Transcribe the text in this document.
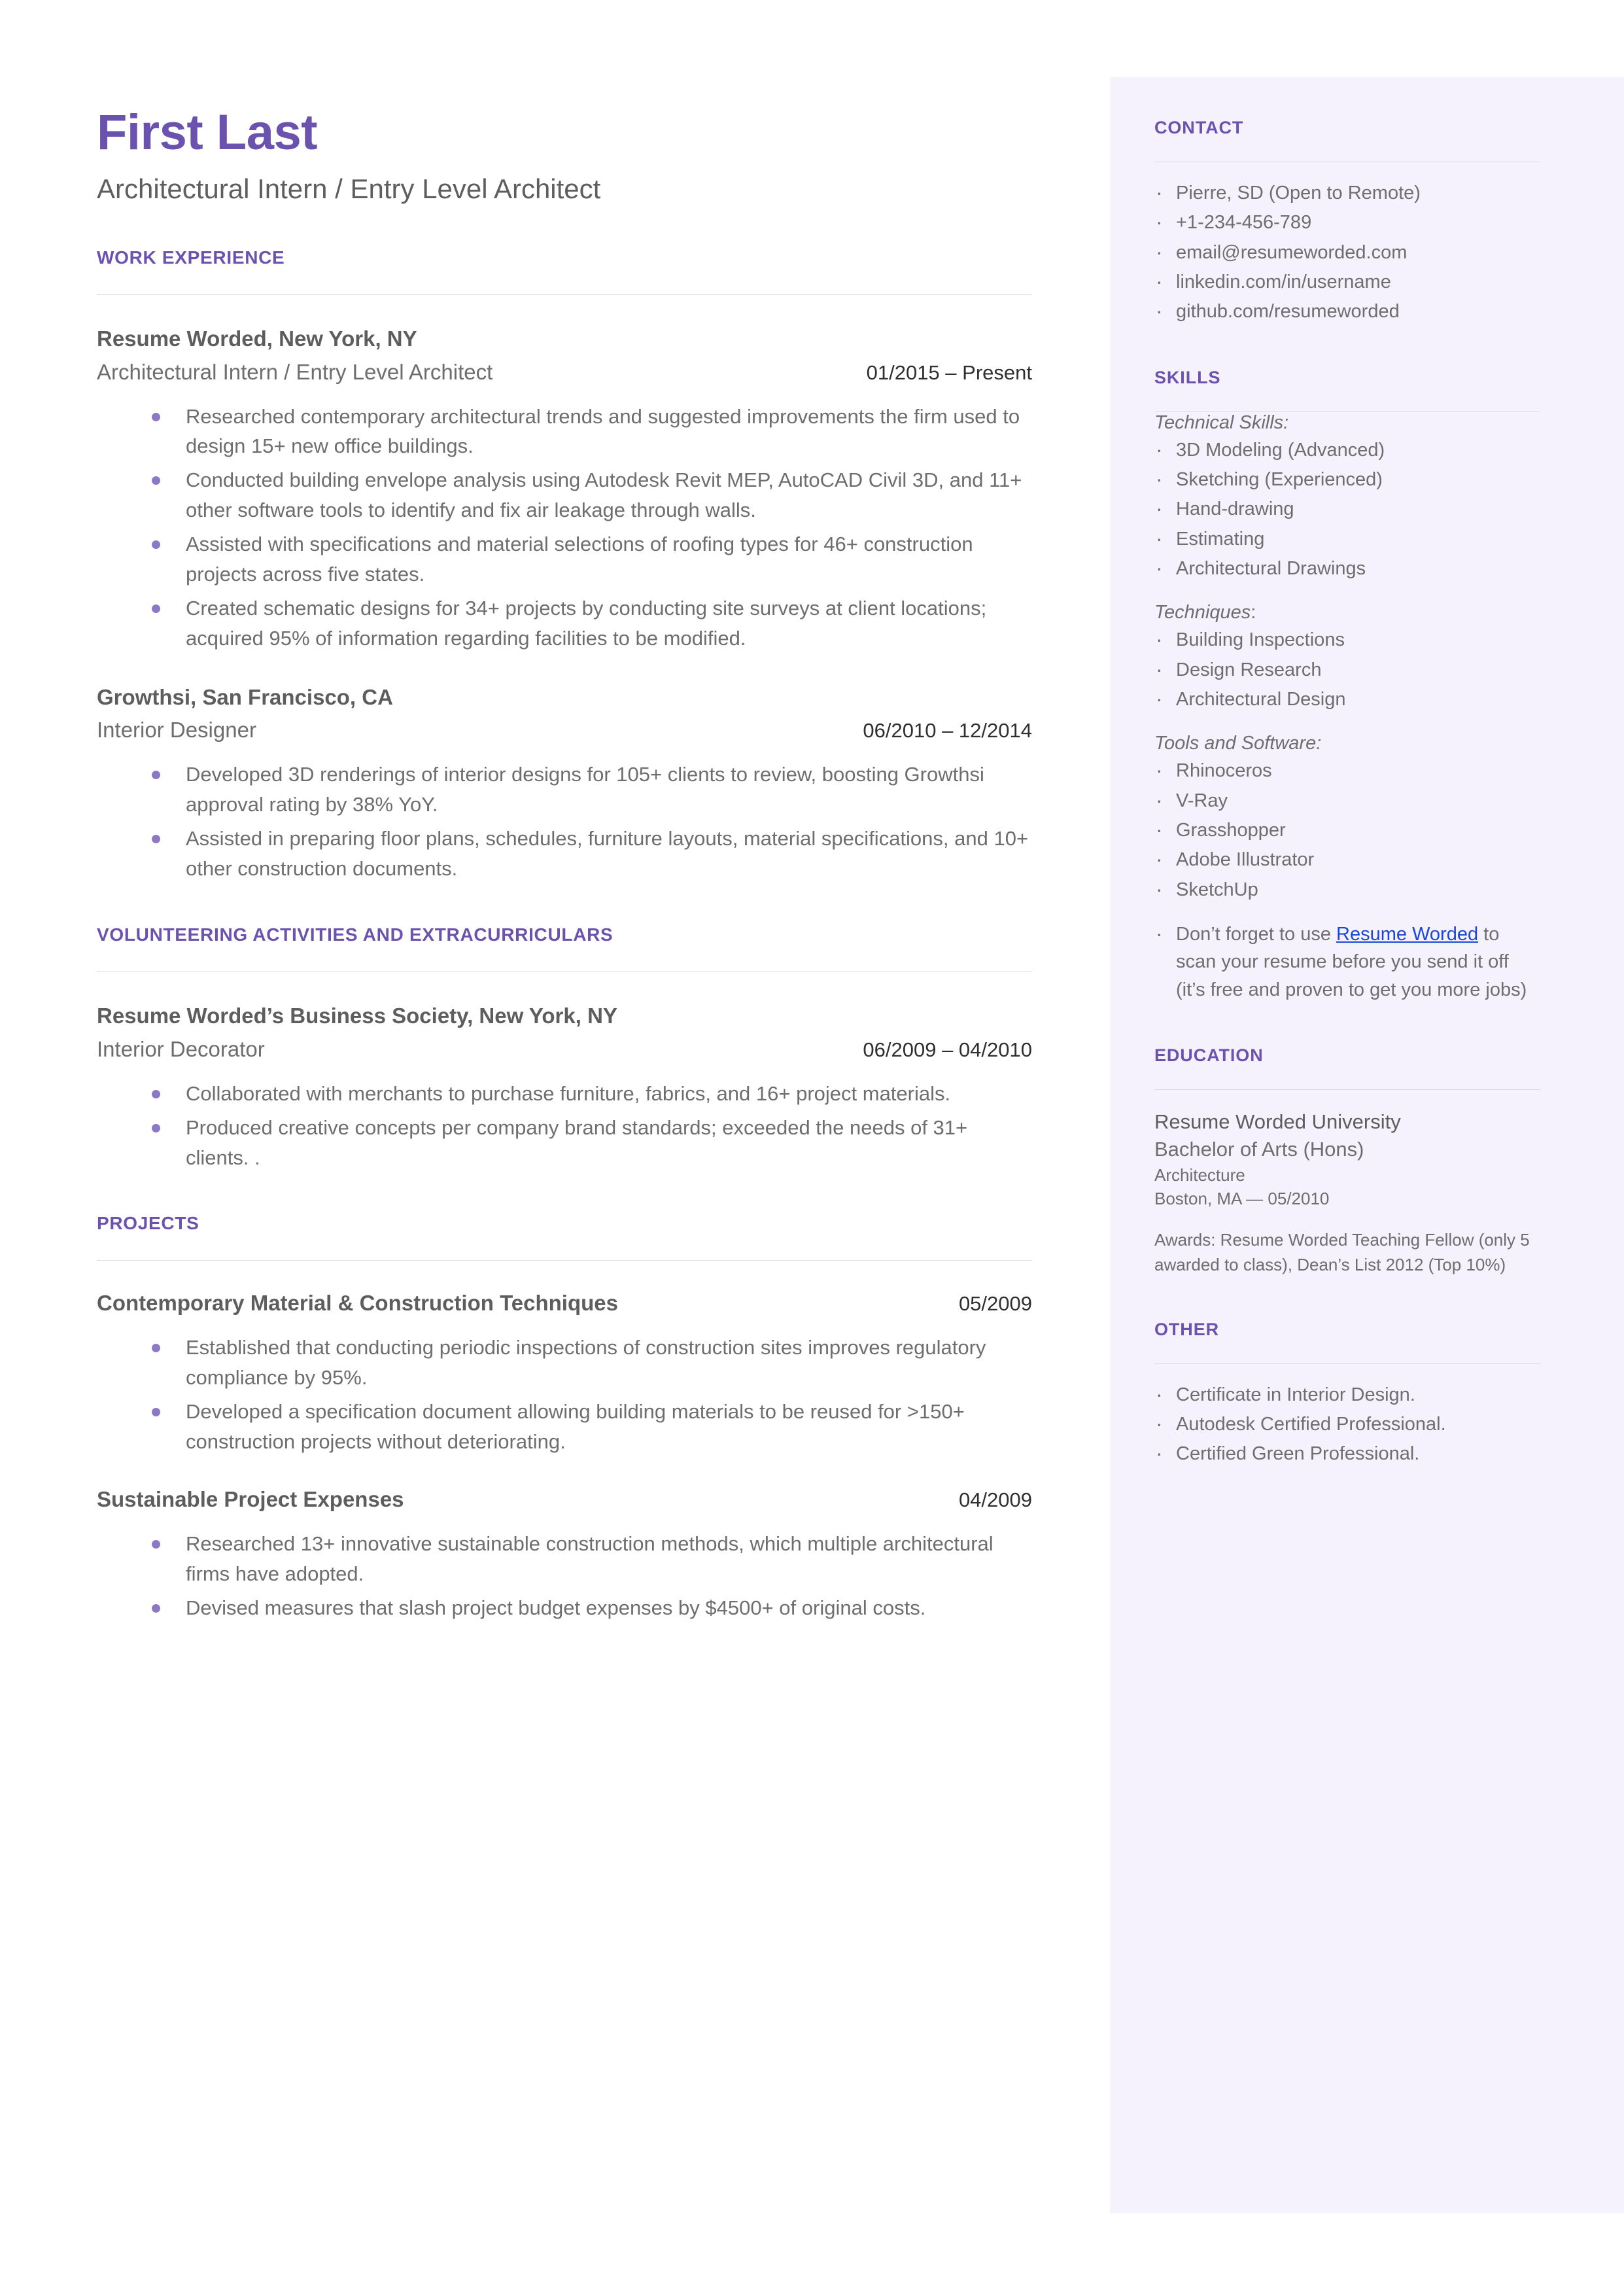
First Last
Architectural Intern / Entry Level Architect
WORK EXPERIENCE
Resume Worded, New York, NY
Architectural Intern / Entry Level Architect	01/2015 – Present
Researched contemporary architectural trends and suggested improvements the firm used to design 15+ new office buildings.
Conducted building envelope analysis using Autodesk Revit MEP, AutoCAD Civil 3D, and 11+ other software tools to identify and fix air leakage through walls.
Assisted with specifications and material selections of roofing types for 46+ construction projects across five states.
Created schematic designs for 34+ projects by conducting site surveys at client locations; acquired 95% of information regarding facilities to be modified.
Growthsi, San Francisco, CA
Interior Designer	06/2010 – 12/2014
Developed 3D renderings of interior designs for 105+ clients to review, boosting Growthsi approval rating by 38% YoY.
Assisted in preparing floor plans, schedules, furniture layouts, material specifications, and 10+ other construction documents.
VOLUNTEERING ACTIVITIES AND EXTRACURRICULARS
Resume Worded’s Business Society, New York, NY
Interior Decorator	06/2009 – 04/2010
Collaborated with merchants to purchase furniture, fabrics, and 16+ project materials.
Produced creative concepts per company brand standards; exceeded the needs of 31+ clients. .
PROJECTS
Contemporary Material & Construction Techniques	05/2009
Established that conducting periodic inspections of construction sites improves regulatory compliance by 95%.
Developed a specification document allowing building materials to be reused for >150+ construction projects without deteriorating.
Sustainable Project Expenses	04/2009
Researched 13+ innovative sustainable construction methods, which multiple architectural firms have adopted.
Devised measures that slash project budget expenses by $4500+ of original costs.
CONTACT
· Pierre, SD (Open to Remote)
· +1-234-456-789
· email@resumeworded.com
· linkedin.com/in/username
· github.com/resumeworded
SKILLS
Technical Skills:
· 3D Modeling (Advanced)
· Sketching (Experienced)
· Hand-drawing
· Estimating
· Architectural Drawings
Techniques:
· Building Inspections
· Design Research
· Architectural Design
Tools and Software:
· Rhinoceros
· V-Ray
· Grasshopper
· Adobe Illustrator
· SketchUp
· Don’t forget to use Resume Worded to scan your resume before you send it off (it’s free and proven to get you more jobs)
EDUCATION
Resume Worded University
Bachelor of Arts (Hons)
Architecture
Boston, MA — 05/2010
Awards: Resume Worded Teaching Fellow (only 5 awarded to class), Dean’s List 2012 (Top 10%)
OTHER
· Certificate in Interior Design.
· Autodesk Certified Professional.
· Certified Green Professional.
